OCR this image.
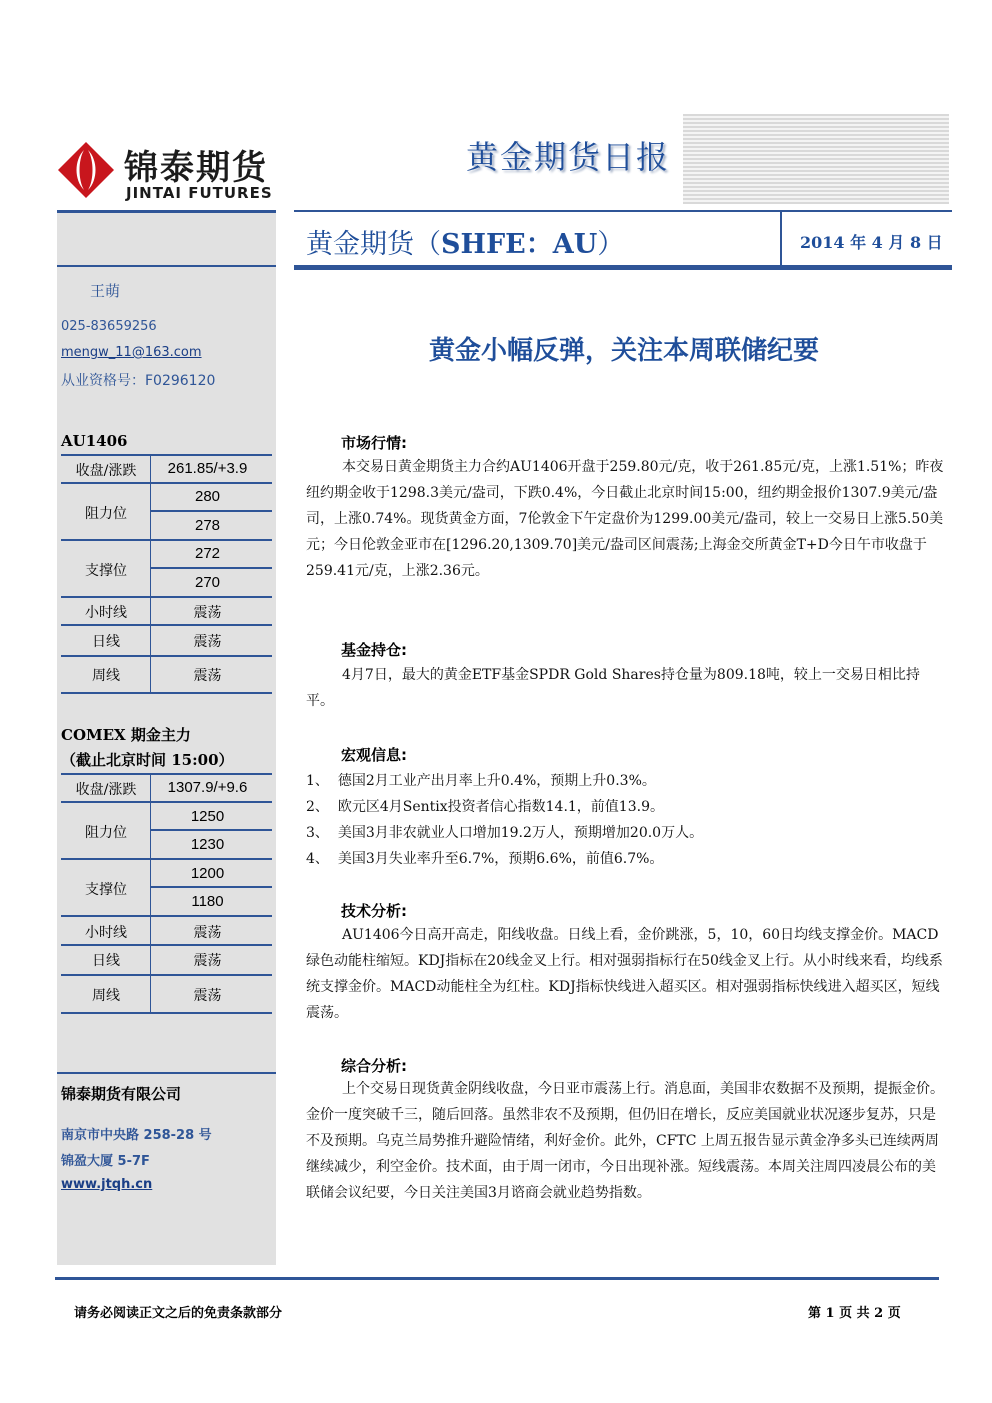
锦泰期货
JINTAI FUTURES
黄金期货日报
王萌
025-83659256
mengw_11@163.com
从业资格号：F0296120
AU1406
收盘/涨跌	261.85/+3.9
阻力位
280
278
支撑位
272
270
小时线	震荡
日线	震荡
周线	震荡
COMEX 期金主力
（截止北京时间 15:00）
收盘/涨跌	1307.9/+9.6
阻力位
1250
1230
支撑位
1200
1180
小时线	震荡
日线	震荡
周线	震荡
锦泰期货有限公司
南京市中央路 258-28 号
锦盈大厦 5-7F
www.jtqh.cn
黄金期货（SHFE：AU）	2014 年 4 月 8 日
黄金小幅反弹，关注本周联储纪要
市场行情:
本交易日黄金期货主力合约AU1406开盘于259.80元/克，收于261.85元/克，上涨1.51%；昨夜纽约期金收于1298.3美元/盎司，下跌0.4%，今日截止北京时间15:00，纽约期金报价1307.9美元/盎司，上涨0.74%。现货黄金方面，7伦敦金下午定盘价为1299.00美元/盎司，较上一交易日上涨5.50美元；今日伦敦金亚市在[1296.20,1309.70]美元/盎司区间震荡;上海金交所黄金T+D今日午市收盘于259.41元/克，上涨2.36元。
基金持仓:
4月7日，最大的黄金ETF基金SPDR Gold Shares持仓量为809.18吨，较上一交易日相比持平。
宏观信息:
1、 德国2月工业产出月率上升0.4%，预期上升0.3%。
2、 欧元区4月Sentix投资者信心指数14.1，前值13.9。
3、 美国3月非农就业人口增加19.2万人，预期增加20.0万人。
4、 美国3月失业率升至6.7%，预期6.6%，前值6.7%。
技术分析:
AU1406今日高开高走，阳线收盘。日线上看，金价跳涨，5，10，60日均线支撑金价。MACD绿色动能柱缩短。KDJ指标在20线金叉上行。相对强弱指标行在50线金叉上行。从小时线来看，均线系统支撑金价。MACD动能柱全为红柱。KDJ指标快线进入超买区。相对强弱指标快线进入超买区，短线震荡。
综合分析:
上个交易日现货黄金阴线收盘，今日亚市震荡上行。消息面，美国非农数据不及预期，提振金价。金价一度突破千三，随后回落。虽然非农不及预期，但仍旧在增长，反应美国就业状况逐步复苏，只是不及预期。乌克兰局势推升避险情绪，利好金价。此外，CFTC 上周五报告显示黄金净多头已连续两周继续减少，利空金价。技术面，由于周一闭市，今日出现补涨。短线震荡。本周关注周四凌晨公布的美联储会议纪要，今日关注美国3月谘商会就业趋势指数。
请务必阅读正文之后的免责条款部分	第 1 页 共 2 页
